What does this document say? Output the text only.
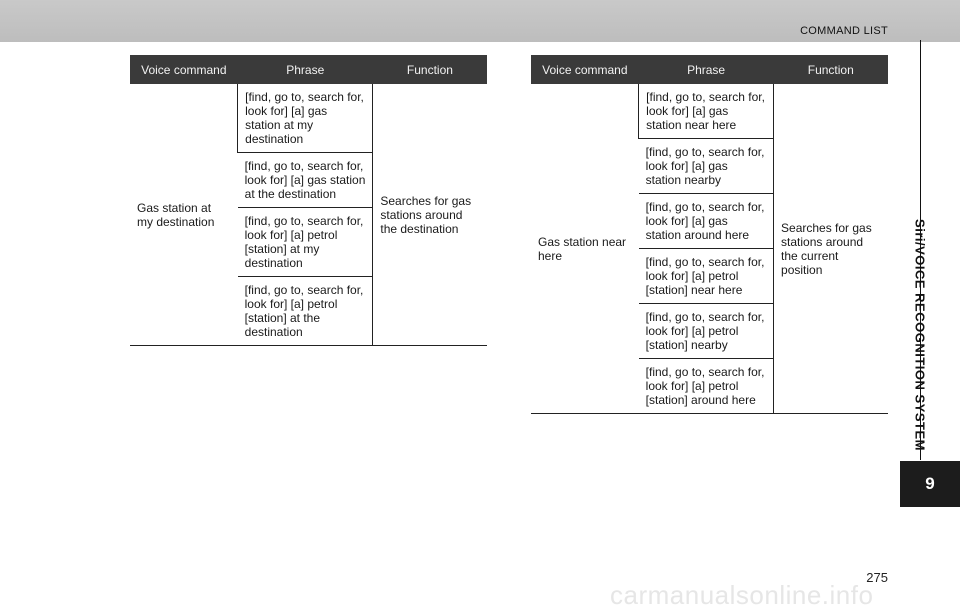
COMMAND LIST
Siri/VOICE RECOGNITION SYSTEM
9
Voice command	Phrase	Function
Gas station at my destination	[find, go to, search for, look for] [a] gas station at my destination	Searches for gas stations around the destination
	[find, go to, search for, look for] [a] gas station at the destination	
	[find, go to, search for, look for] [a] petrol [station] at my destination	
	[find, go to, search for, look for] [a] petrol [station] at the destination	
Voice command	Phrase	Function
Gas station near here	[find, go to, search for, look for] [a] gas station near here	Searches for gas stations around the current position
	[find, go to, search for, look for] [a] gas station nearby	
	[find, go to, search for, look for] [a] gas station around here	
	[find, go to, search for, look for] [a] petrol [station] near here	
	[find, go to, search for, look for] [a] petrol [station] nearby	
	[find, go to, search for, look for] [a] petrol [station] around here	
275
carmanualsonline.info
